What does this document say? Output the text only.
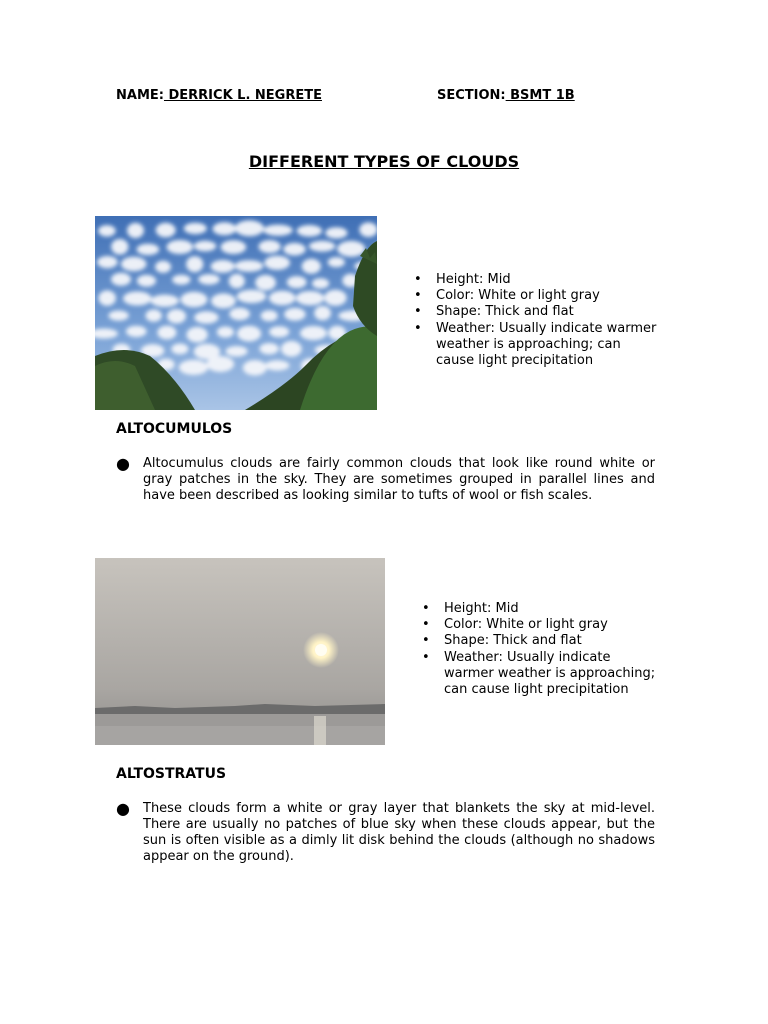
NAME: DERRICK L. NEGRETE	SECTION: BSMT 1B
DIFFERENT TYPES OF CLOUDS
• Height: Mid
• Color: White or light gray
• Shape: Thick and flat
• Weather: Usually indicate warmer weather is approaching; can cause light precipitation
ALTOCUMULOS
● Altocumulus clouds are fairly common clouds that look like round white or gray patches in the sky. They are sometimes grouped in parallel lines and have been described as looking similar to tufts of wool or fish scales.
• Height: Mid
• Color: White or light gray
• Shape: Thick and flat
• Weather: Usually indicate warmer weather is approaching; can cause light precipitation
ALTOSTRATUS
● These clouds form a white or gray layer that blankets the sky at mid-level. There are usually no patches of blue sky when these clouds appear, but the sun is often visible as a dimly lit disk behind the clouds (although no shadows appear on the ground).
